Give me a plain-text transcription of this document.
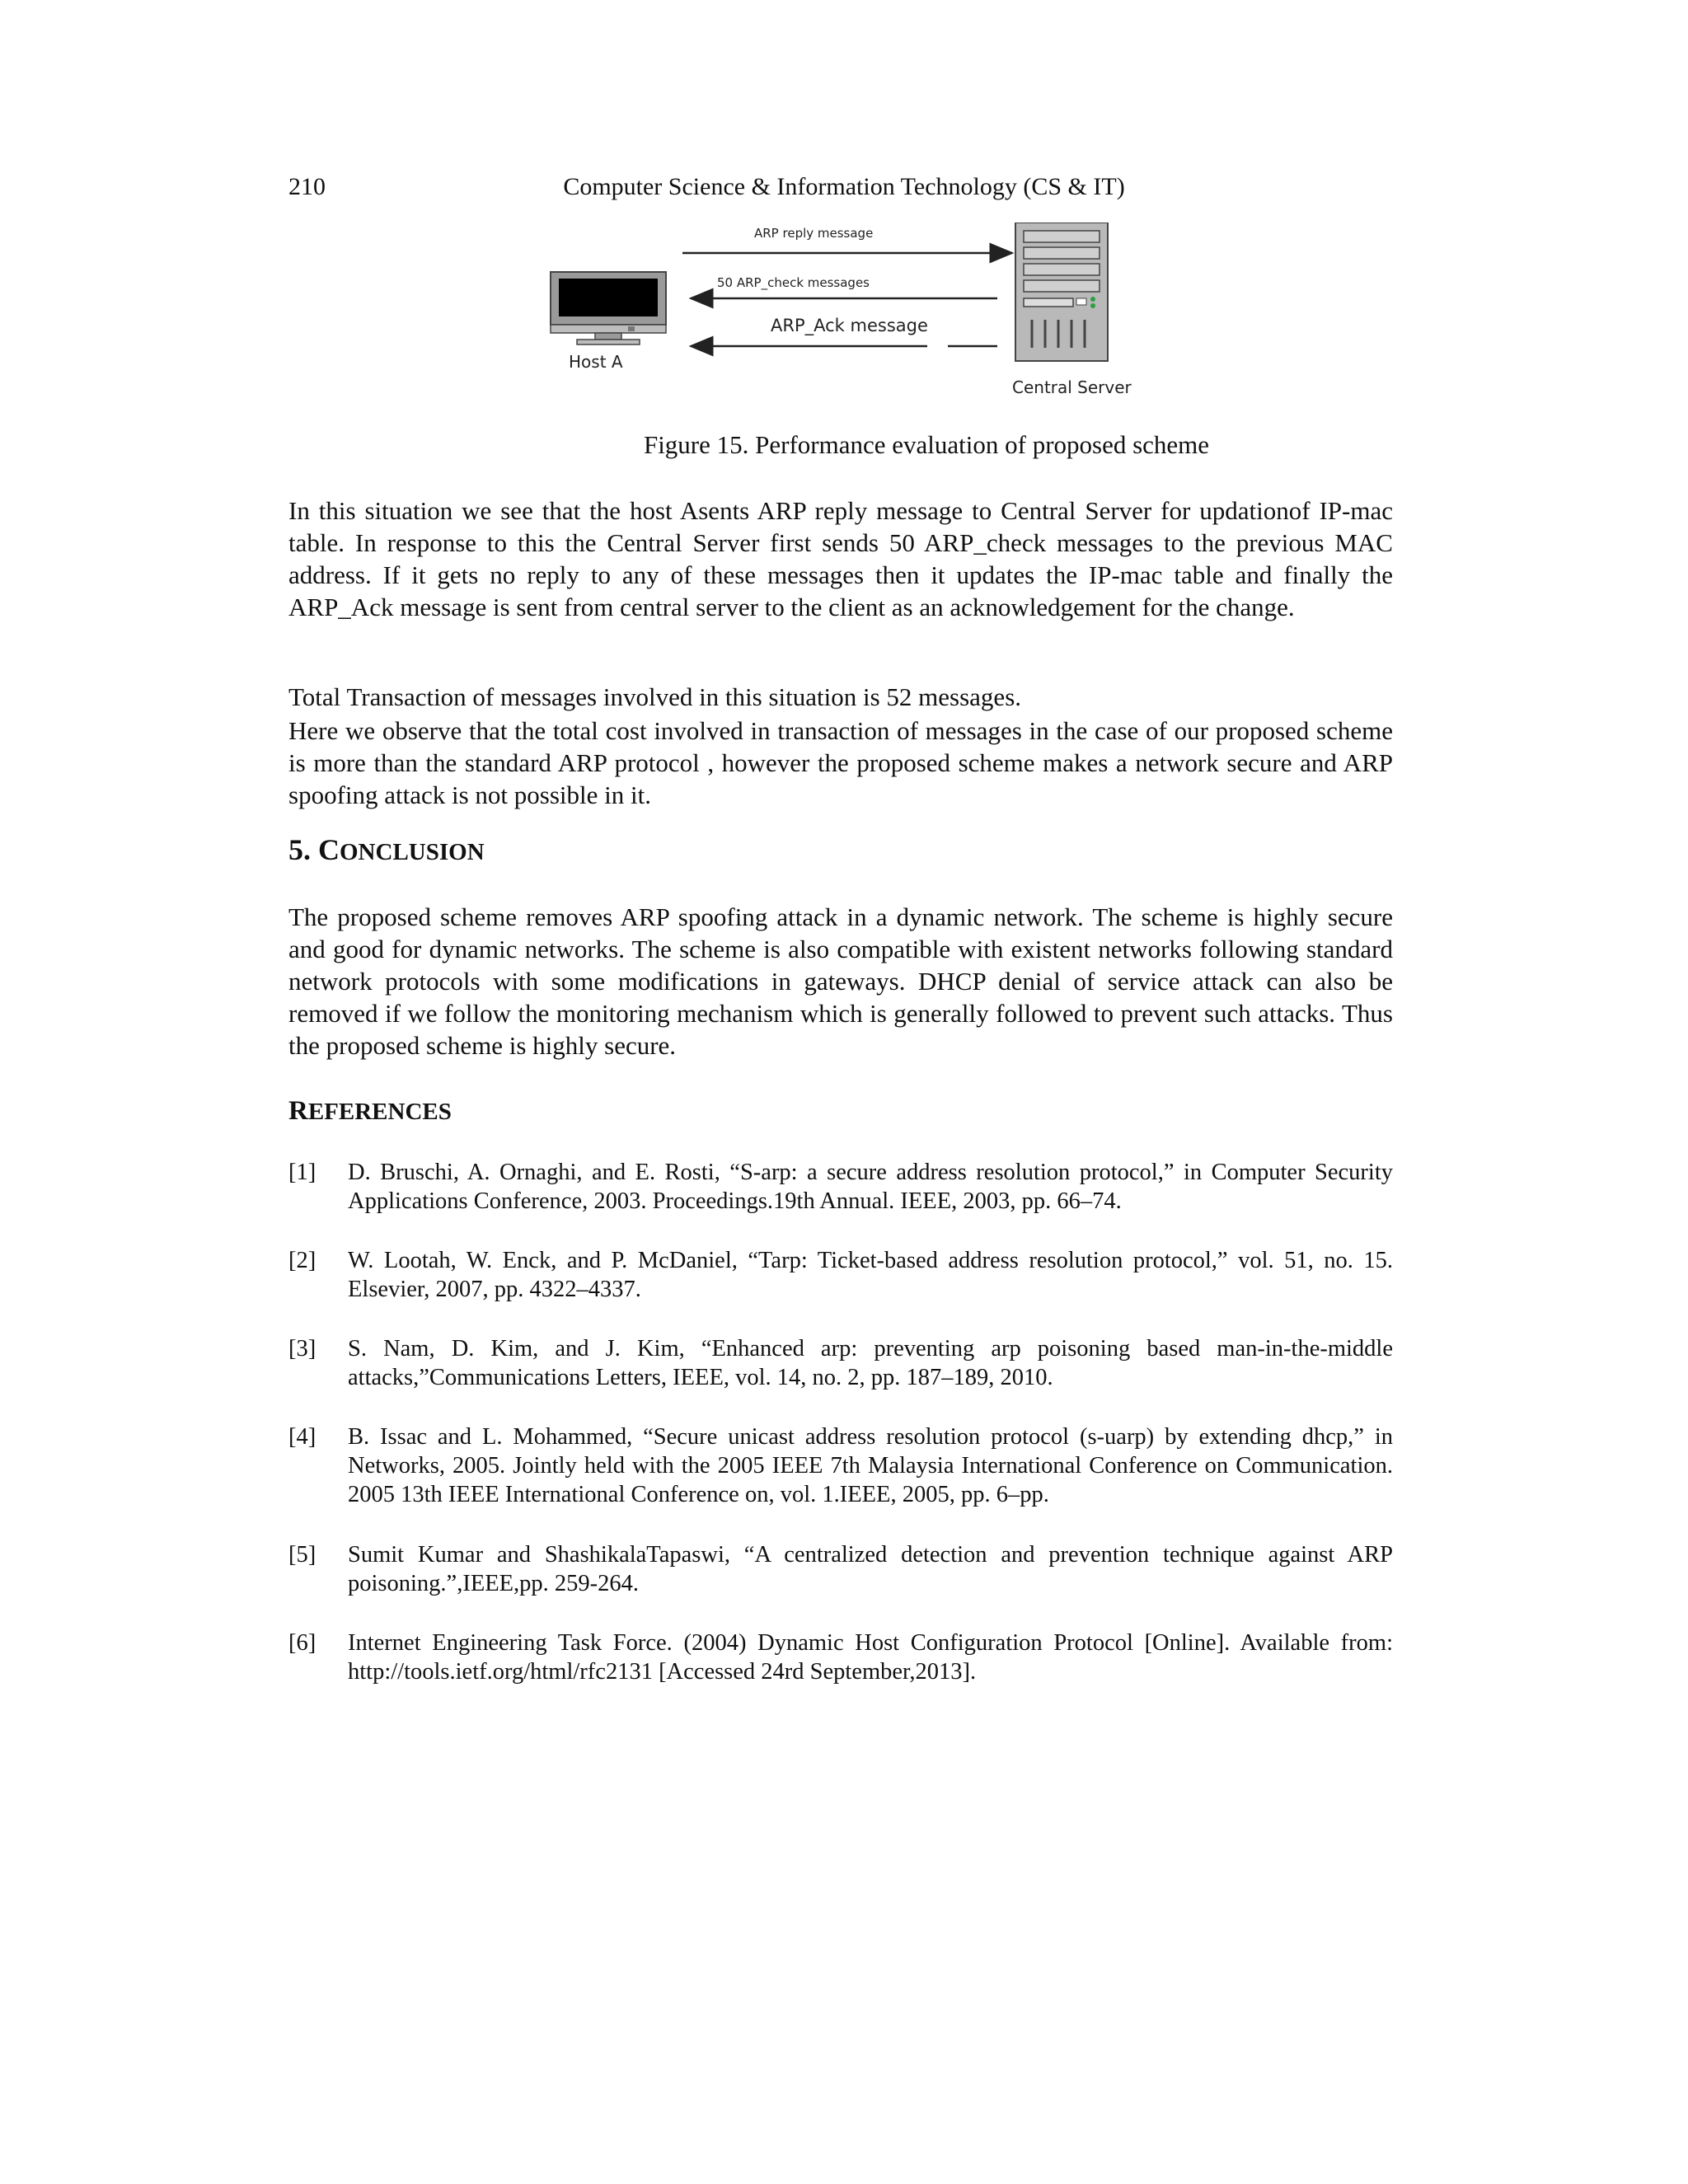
210	Computer Science & Information Technology (CS & IT)
Host A
ARP reply message
50 ARP_check messages
ARP_Ack message
Central Server
Figure 15. Performance evaluation of proposed scheme
In this situation we see that the host Asents ARP reply message to Central Server for updationof IP-mac table. In response to this the Central Server first sends 50 ARP_check messages to the previous MAC address. If it gets no reply to any of these messages then it updates the IP-mac table and finally the ARP_Ack message is sent from central server to the client as an acknowledgement for the change.
Total Transaction of messages involved in this situation is 52 messages.
Here we observe that the total cost involved in transaction of messages in the case of our proposed scheme is more than the standard ARP protocol , however the proposed scheme makes a network secure and ARP spoofing attack is not possible in it.
5. CONCLUSION
The proposed scheme removes ARP spoofing attack in a dynamic network. The scheme is highly secure and good for dynamic networks. The scheme is also compatible with existent networks following standard network protocols with some modifications in gateways. DHCP denial of service attack can also be removed if we follow the monitoring mechanism which is generally followed to prevent such attacks. Thus the proposed scheme is highly secure.
REFERENCES
[1]	D. Bruschi, A. Ornaghi, and E. Rosti, “S-arp: a secure address resolution protocol,” in Computer Security Applications Conference, 2003. Proceedings.19th Annual. IEEE, 2003, pp. 66–74.
[2]	W. Lootah, W. Enck, and P. McDaniel, “Tarp: Ticket-based address resolution protocol,” vol. 51, no. 15. Elsevier, 2007, pp. 4322–4337.
[3]	S. Nam, D. Kim, and J. Kim, “Enhanced arp: preventing arp poisoning based man-in-the-middle attacks,”Communications Letters, IEEE, vol. 14, no. 2, pp. 187–189, 2010.
[4]	B. Issac and L. Mohammed, “Secure unicast address resolution protocol (s-uarp) by extending dhcp,” in Networks, 2005. Jointly held with the 2005 IEEE 7th Malaysia International Conference on Communication. 2005 13th IEEE International Conference on, vol. 1.IEEE, 2005, pp. 6–pp.
[5]	Sumit Kumar and ShashikalaTapaswi, “A centralized detection and prevention technique against ARP poisoning.”,IEEE,pp. 259-264.
[6]	Internet Engineering Task Force. (2004) Dynamic Host Configuration Protocol [Online]. Available from: http://tools.ietf.org/html/rfc2131 [Accessed 24rd September,2013].
